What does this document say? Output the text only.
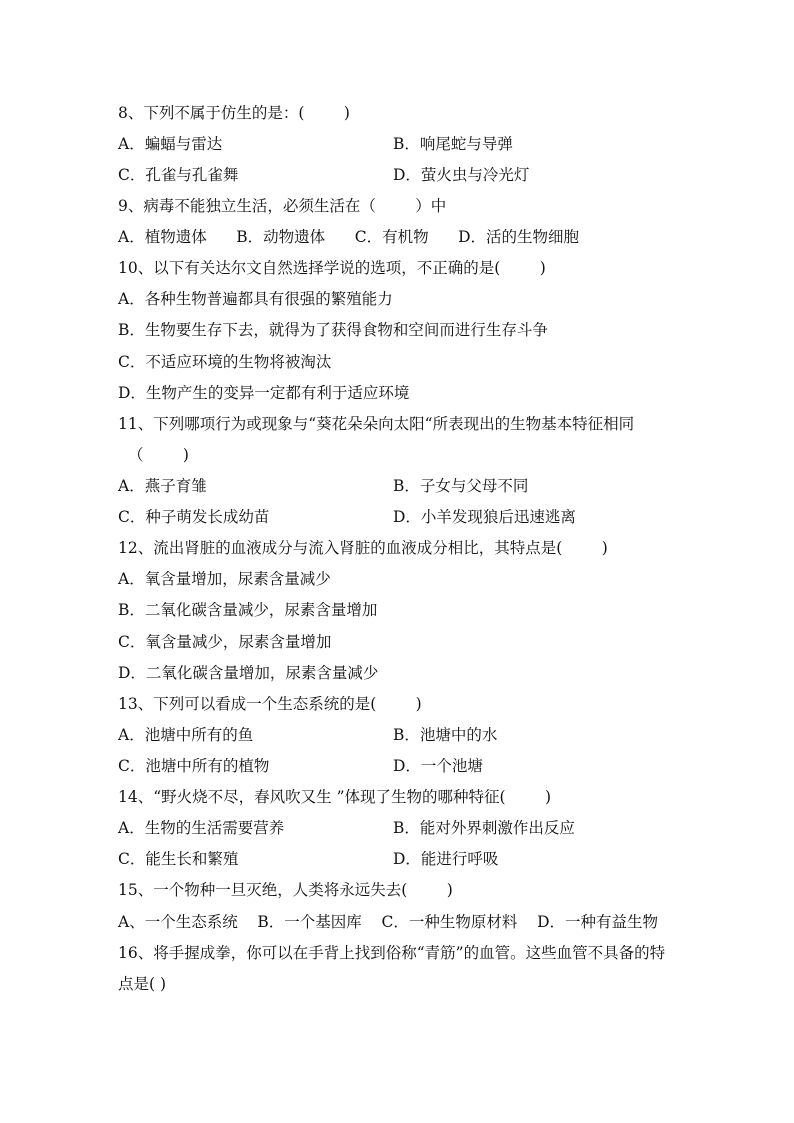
8、下列不属于仿生的是：(        )
A．蝙蝠与雷达	B．响尾蛇与导弹
C．孔雀与孔雀舞	D．萤火虫与冷光灯
9、病毒不能独立生活，必须生活在（        ）中
A．植物遗体      B．动物遗体      C．有机物      D．活的生物细胞
10、以下有关达尔文自然选择学说的选项，不正确的是(        )
A．各种生物普遍都具有很强的繁殖能力
B．生物要生存下去，就得为了获得食物和空间而进行生存斗争
C．不适应环境的生物将被淘汰
D．生物产生的变异一定都有利于适应环境
11、下列哪项行为或现象与“葵花朵朵向太阳“所表现出的生物基本特征相同
（        )
A．燕子育雏	B．子女与父母不同
C．种子萌发长成幼苗	D．小羊发现狼后迅速逃离
12、流出肾脏的血液成分与流入肾脏的血液成分相比，其特点是(        )
A．氧含量增加，尿素含量减少
B．二氧化碳含量减少，尿素含量增加
C．氧含量减少，尿素含量增加
D．二氧化碳含量增加，尿素含量减少
13、下列可以看成一个生态系统的是(        )
A．池塘中所有的鱼	B．池塘中的水
C．池塘中所有的植物	D．一个池塘
14、“野火烧不尽，春风吹又生 ”体现了生物的哪种特征(        )
A．生物的生活需要营养	B．能对外界刺激作出反应
C．能生长和繁殖	D．能进行呼吸
15、一个物种一旦灭绝，人类将永远失去(        )
A、一个生态系统    B．一个基因库    C．一种生物原材料    D．一种有益生物
16、将手握成拳，你可以在手背上找到俗称“青筋”的血管。这些血管不具备的特点是( )
